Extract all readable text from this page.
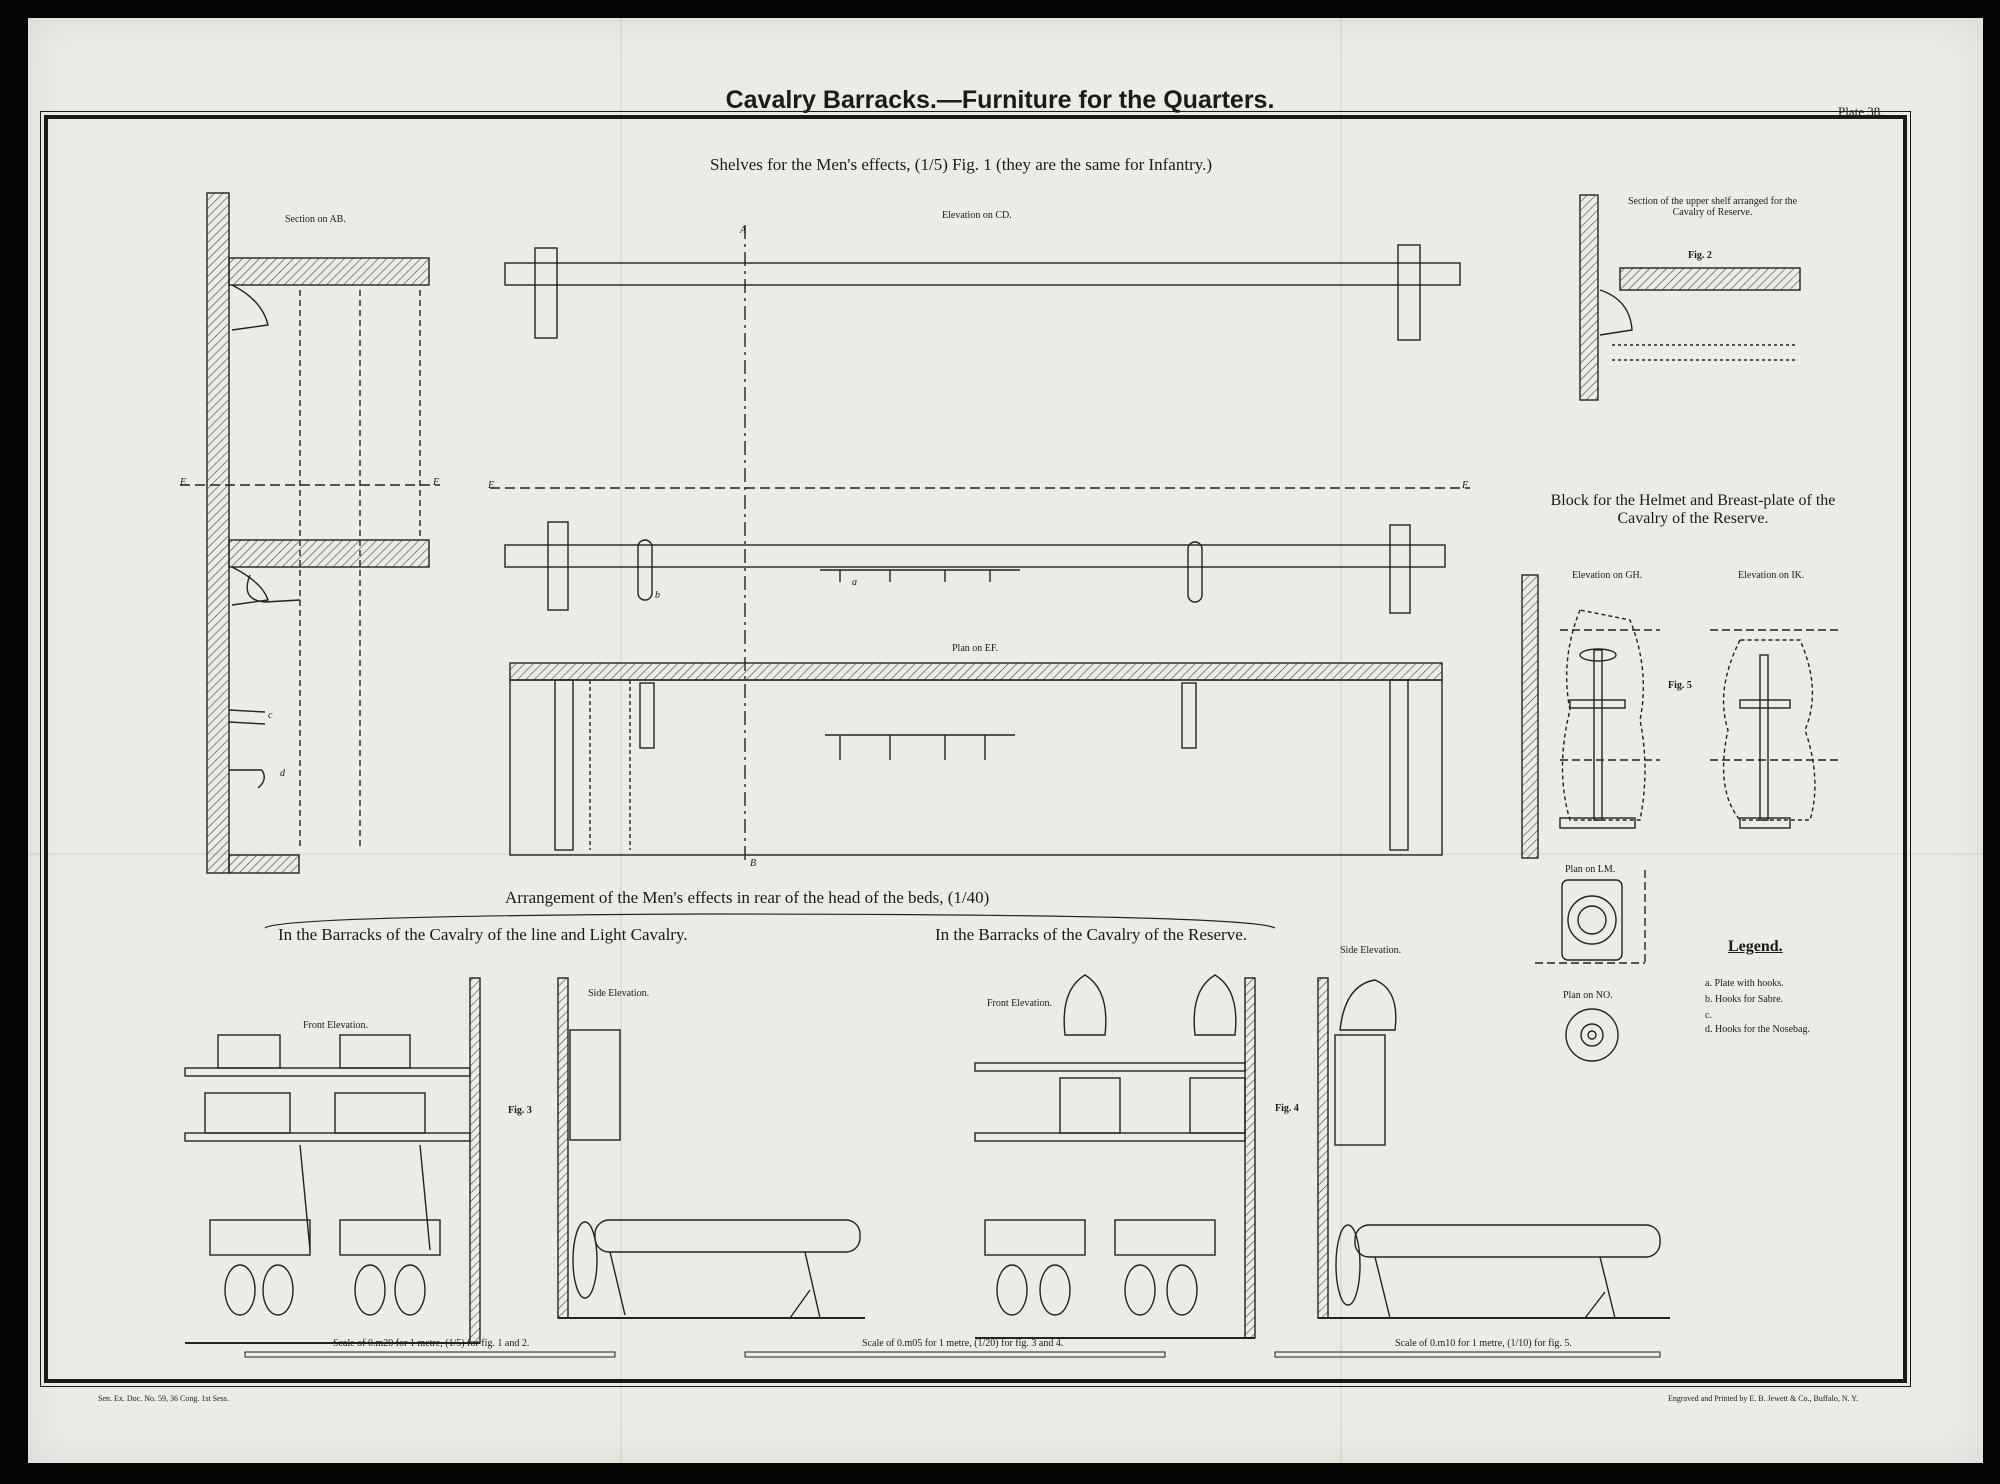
Cavalry Barracks.—Furniture for the Quarters.	Plate 38.
Shelves for the Men's effects, (1/5) Fig. 1 (they are the same for Infantry.)
Section on AB.	Elevation on CD.
Plan on EF.
Section of the upper shelf arranged for the Cavalry of Reserve.
Fig. 2
E	F	E	F
A
B
a
b
c
d
Block for the Helmet and Breast-plate of the Cavalry of the Reserve.
Elevation on GH.	Elevation on IK.
Fig. 5
Plan on LM.
Plan on NO.
Arrangement of the Men's effects in rear of the head of the beds, (1/40)
In the Barracks of the Cavalry of the line and Light Cavalry.	In the Barracks of the Cavalry of the Reserve.
Front Elevation.
Side Elevation.
Front Elevation.
Side Elevation.
Fig. 3	Fig. 4
Legend.
a. Plate with hooks.
b. Hooks for Sabre.
c.
d. Hooks for the Nosebag.
Scale of 0.m20 for 1 metre, (1/5) for fig. 1 and 2.	Scale of 0.m05 for 1 metre, (1/20) for fig. 3 and 4.	Scale of 0.m10 for 1 metre, (1/10) for fig. 5.
Sen. Ex. Doc. No. 59, 36 Cong. 1st Sess.	Engraved and Printed by E. B. Jewett & Co., Buffalo, N. Y.
